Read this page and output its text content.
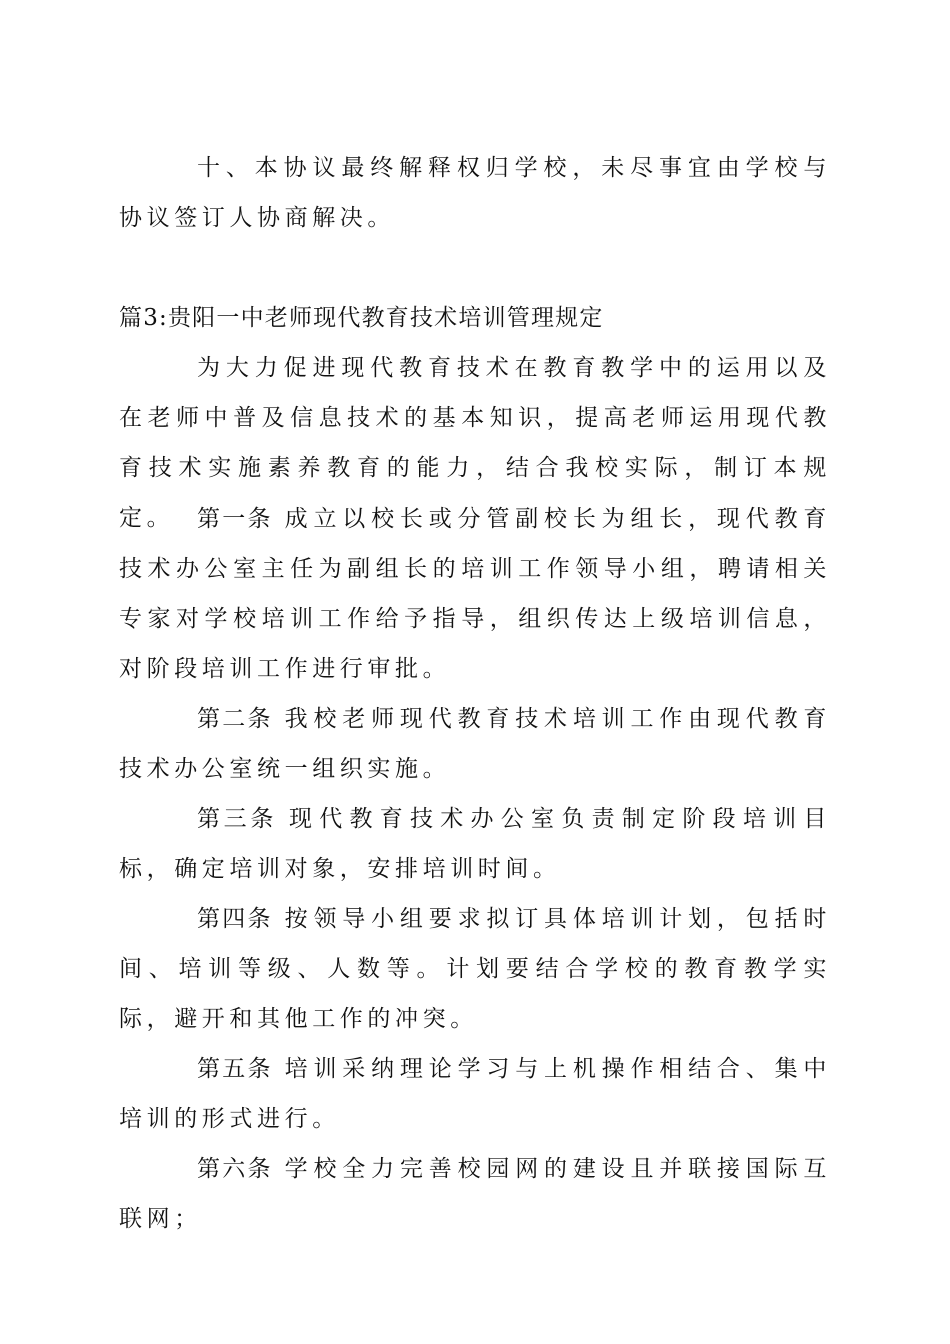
十、本协议最终解释权归学校，未尽事宜由学校与协议签订人协商解决。

篇3:贵阳一中老师现代教育技术培训管理规定

为大力促进现代教育技术在教育教学中的运用以及在老师中普及信息技术的基本知识，提高老师运用现代教育技术实施素养教育的能力，结合我校实际，制订本规定。 第一条 成立以校长或分管副校长为组长，现代教育技术办公室主任为副组长的培训工作领导小组，聘请相关专家对学校培训工作给予指导，组织传达上级培训信息，对阶段培训工作进行审批。

第二条 我校老师现代教育技术培训工作由现代教育技术办公室统一组织实施。

第三条 现代教育技术办公室负责制定阶段培训目标，确定培训对象，安排培训时间。

第四条 按领导小组要求拟订具体培训计划，包括时间、培训等级、人数等。计划要结合学校的教育教学实际，避开和其他工作的冲突。

第五条 培训采纳理论学习与上机操作相结合、集中培训的形式进行。

第六条 学校全力完善校园网的建设且并联接国际互联网；
